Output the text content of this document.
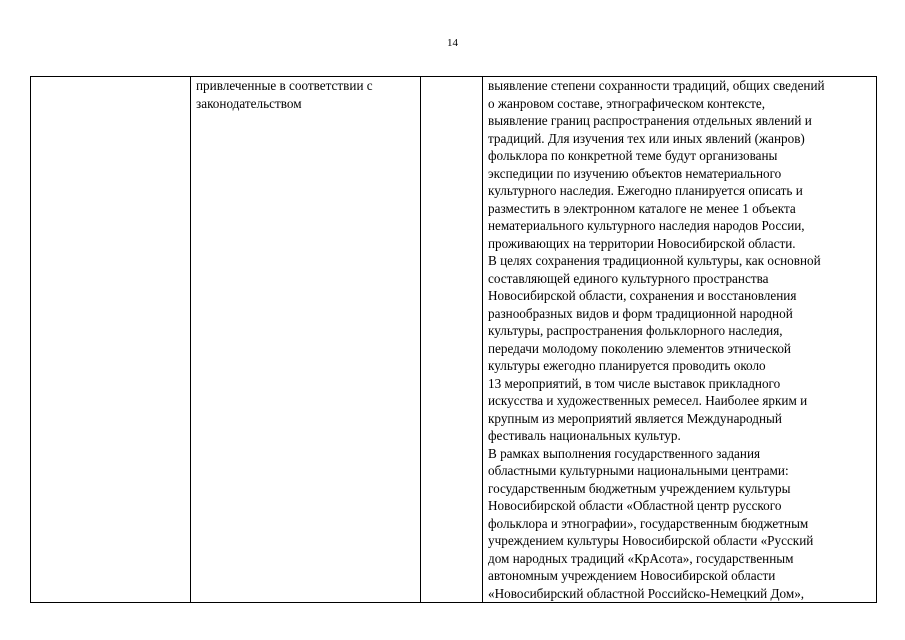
14

привлеченные в соответствии с
законодательством

выявление степени сохранности традиций, общих сведений
о жанровом составе, этнографическом контексте,
выявление границ распространения отдельных явлений и
традиций. Для изучения тех или иных явлений (жанров)
фольклора по конкретной теме будут организованы
экспедиции по изучению объектов нематериального
культурного наследия. Ежегодно планируется описать и
разместить в электронном каталоге не менее 1 объекта
нематериального культурного наследия народов России,
проживающих на территории Новосибирской области.
В целях сохранения традиционной культуры, как основной
составляющей единого культурного пространства
Новосибирской области, сохранения и восстановления
разнообразных видов и форм традиционной народной
культуры, распространения фольклорного наследия,
передачи молодому поколению элементов этнической
культуры ежегодно планируется проводить около
13 мероприятий, в том числе выставок прикладного
искусства и художественных ремесел. Наиболее ярким и
крупным из мероприятий является Международный
фестиваль национальных культур.
В рамках выполнения государственного задания
областными культурными национальными центрами:
государственным бюджетным учреждением культуры
Новосибирской области «Областной центр русского
фольклора и этнографии», государственным бюджетным
учреждением культуры Новосибирской области «Русский
дом народных традиций «КрАсота», государственным
автономным учреждением Новосибирской области
«Новосибирский областной Российско-Немецкий Дом»,
